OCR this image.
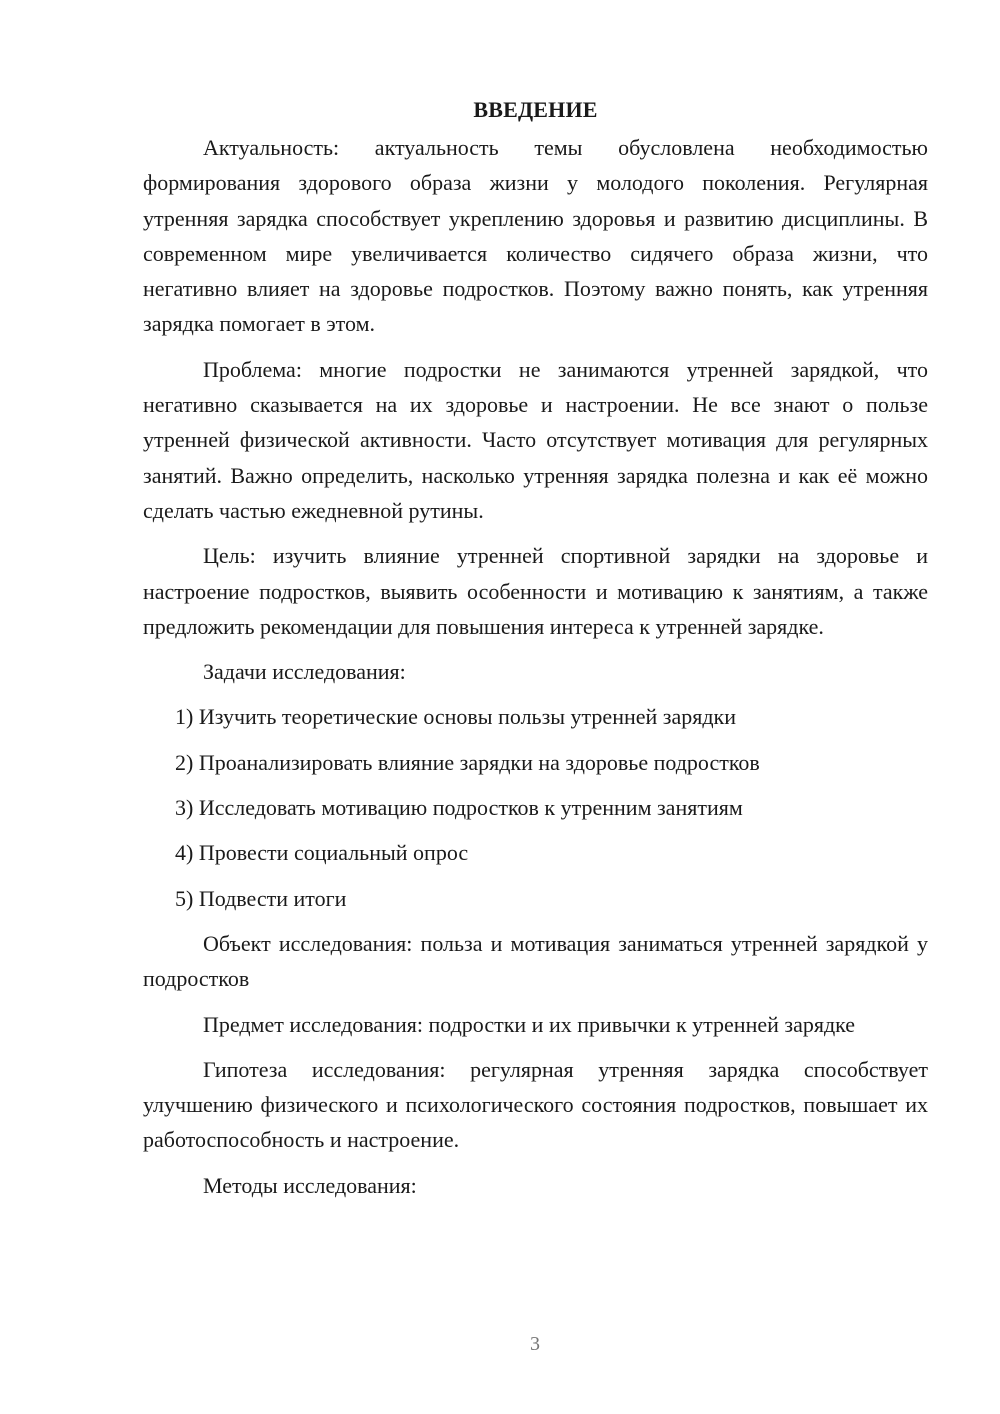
ВВЕДЕНИЕ

Актуальность: актуальность темы обусловлена необходимостью формирования здорового образа жизни у молодого поколения. Регулярная утренняя зарядка способствует укреплению здоровья и развитию дисциплины. В современном мире увеличивается количество сидячего образа жизни, что негативно влияет на здоровье подростков. Поэтому важно понять, как утренняя зарядка помогает в этом.

Проблема: многие подростки не занимаются утренней зарядкой, что негативно сказывается на их здоровье и настроении. Не все знают о пользе утренней физической активности. Часто отсутствует мотивация для регулярных занятий. Важно определить, насколько утренняя зарядка полезна и как её можно сделать частью ежедневной рутины.

Цель: изучить влияние утренней спортивной зарядки на здоровье и настроение подростков, выявить особенности и мотивацию к занятиям, а также предложить рекомендации для повышения интереса к утренней зарядке.

Задачи исследования:

1) Изучить теоретические основы пользы утренней зарядки
2) Проанализировать влияние зарядки на здоровье подростков
3) Исследовать мотивацию подростков к утренним занятиям
4) Провести социальный опрос
5) Подвести итоги

Объект исследования: польза и мотивация заниматься утренней зарядкой у подростков

Предмет исследования: подростки и их привычки к утренней зарядке

Гипотеза исследования: регулярная утренняя зарядка способствует улучшению физического и психологического состояния подростков, повышает их работоспособность и настроение.

Методы исследования:

3
